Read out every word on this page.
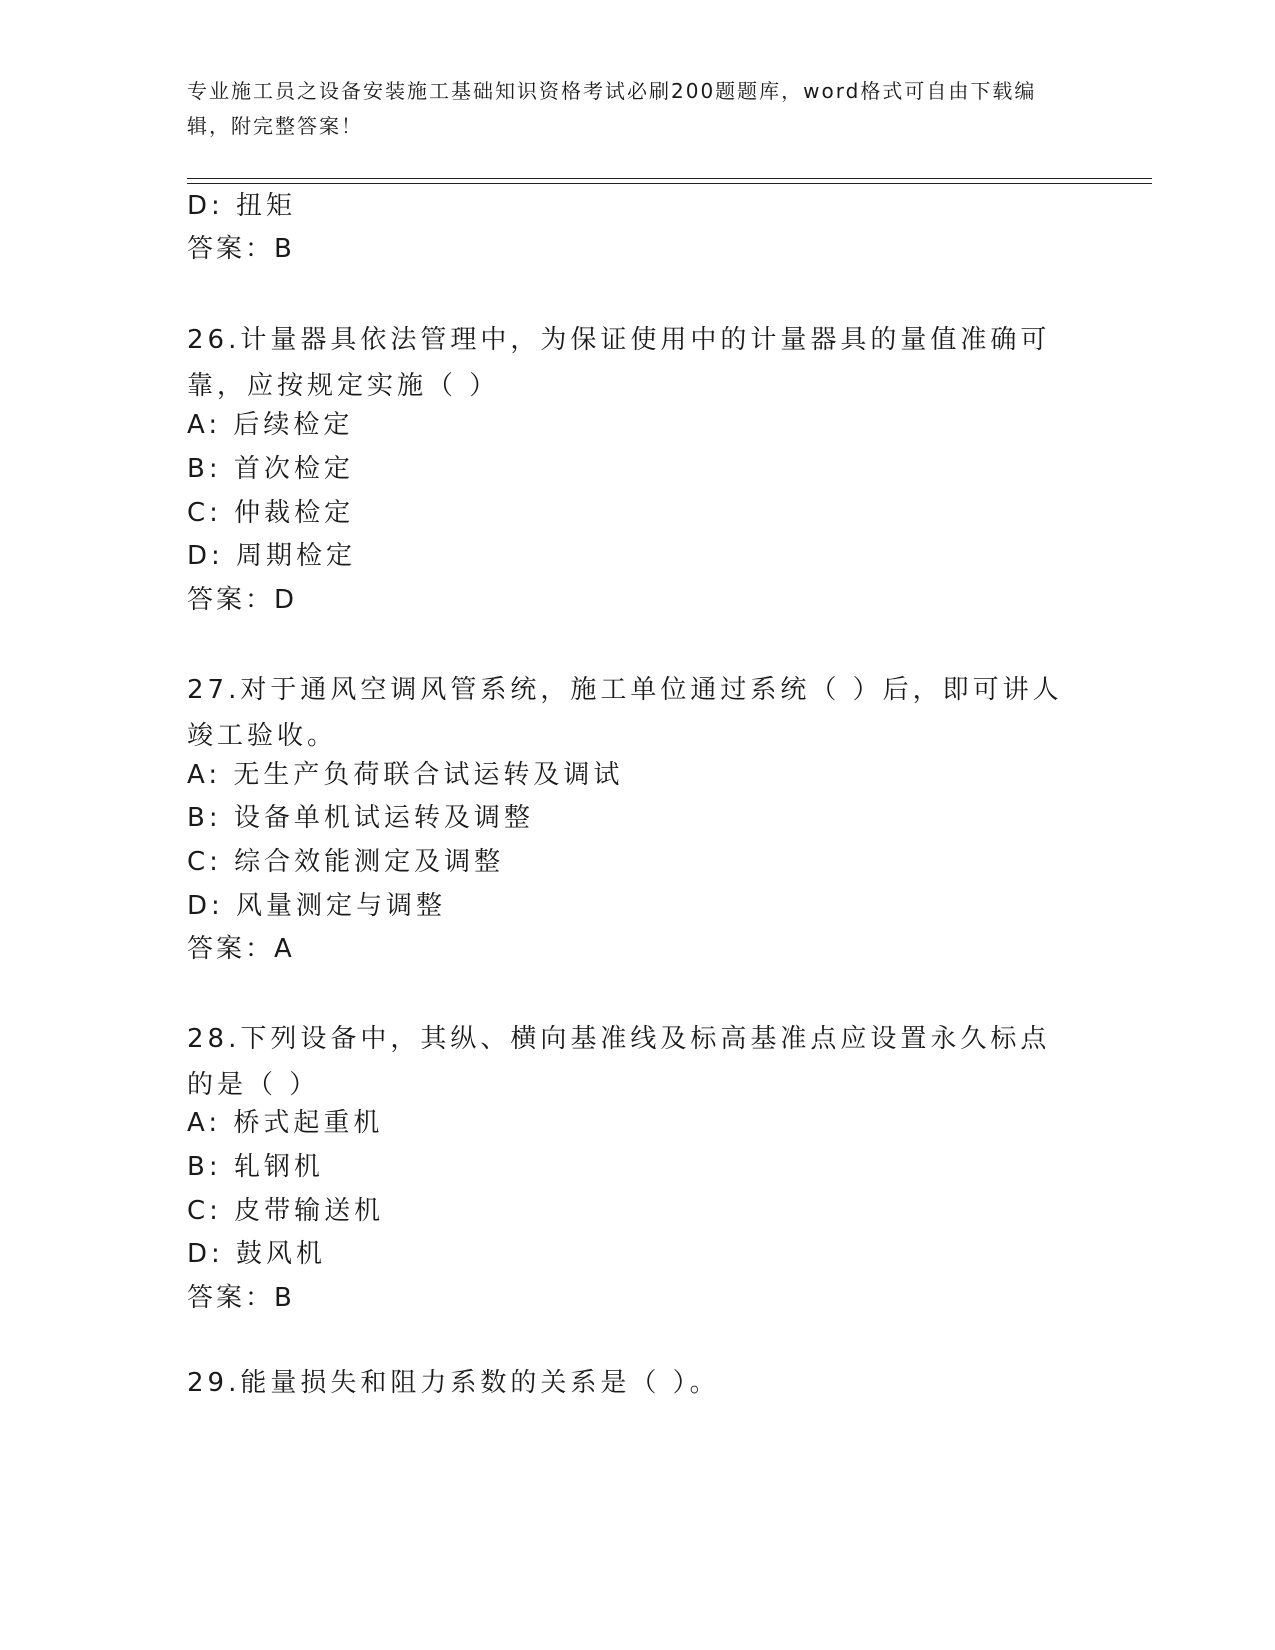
专业施工员之设备安装施工基础知识资格考试必刷200题题库，word格式可自由下载编辑，附完整答案！
D: 扭矩
答案：B
26.计量器具依法管理中，为保证使用中的计量器具的量值准确可靠，应按规定实施（ ）
A: 后续检定
B: 首次检定
C: 仲裁检定
D: 周期检定
答案：D
27.对于通风空调风管系统，施工单位通过系统（ ）后，即可讲人竣工验收。
A: 无生产负荷联合试运转及调试
B: 设备单机试运转及调整
C: 综合效能测定及调整
D: 风量测定与调整
答案：A
28.下列设备中，其纵、横向基准线及标高基准点应设置永久标点的是（ ）
A: 桥式起重机
B: 轧钢机
C: 皮带输送机
D: 鼓风机
答案：B
29.能量损失和阻力系数的关系是（ ）。
